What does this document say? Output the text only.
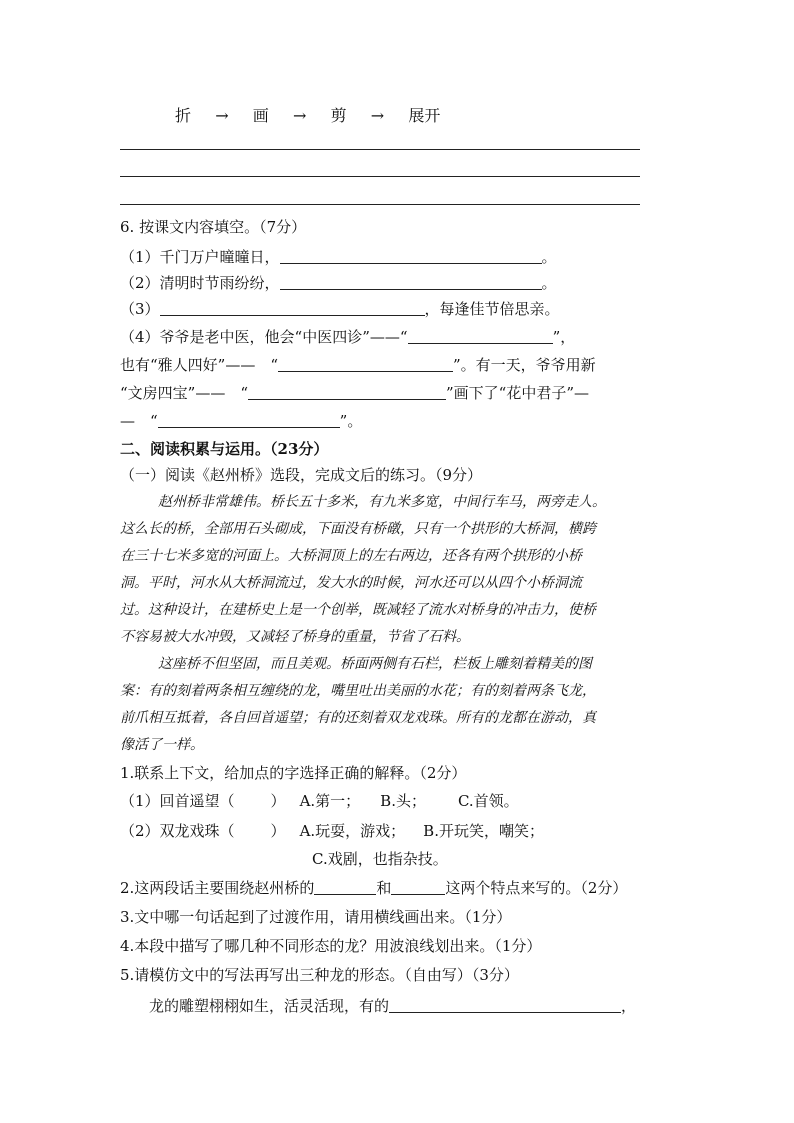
折 → 画 → 剪 → 展开
6. 按课文内容填空。（7分）
（1）千门万户曈曈日，	。
（2）清明时节雨纷纷，	。
（3）	，每逢佳节倍思亲。
（4）爷爷是老中医，他会“中医四诊”——“	”，
也有“雅人四好”——　“	”。有一天，爷爷用新
“文房四宝”——　“	”画下了“花中君子”—
—　“	”。
二、阅读积累与运用。（23分）
（一）阅读《赵州桥》选段，完成文后的练习。（9分）
赵州桥非常雄伟。桥长五十多米，有九米多宽，中间行车马，两旁走人。
这么长的桥，全部用石头砌成，下面没有桥礅，只有一个拱形的大桥洞，横跨
在三十七米多宽的河面上。大桥洞顶上的左右两边，还各有两个拱形的小桥
洞。平时，河水从大桥洞流过，发大水的时候，河水还可以从四个小桥洞流
过。这种设计，在建桥史上是一个创举，既减轻了流水对桥身的冲击力，使桥
不容易被大水冲毁，又减轻了桥身的重量，节省了石料。
这座桥不但坚固，而且美观。桥面两侧有石栏，栏板上雕刻着精美的图
案：有的刻着两条相互缠绕的龙，嘴里吐出美丽的水花；有的刻着两条飞龙，
前爪相互抵着，各自回首遥望；有的还刻着双龙戏珠。所有的龙都在游动，真
像活了一样。
1.联系上下文，给加点的字选择正确的解释。（2分）
（1）回首遥望（ ） A.第一； B.头； C.首领。
（2）双龙戏珠（ ） A.玩耍，游戏； B.开玩笑，嘲笑；
C.戏剧，也指杂技。
2.这两段话主要围绕赵州桥的	和	这两个特点来写的。（2分）
3.文中哪一句话起到了过渡作用，请用横线画出来。（1分）
4.本段中描写了哪几种不同形态的龙？用波浪线划出来。（1分）
5.请模仿文中的写法再写出三种龙的形态。（自由写）（3分）
龙的雕塑栩栩如生，活灵活现，有的	，
